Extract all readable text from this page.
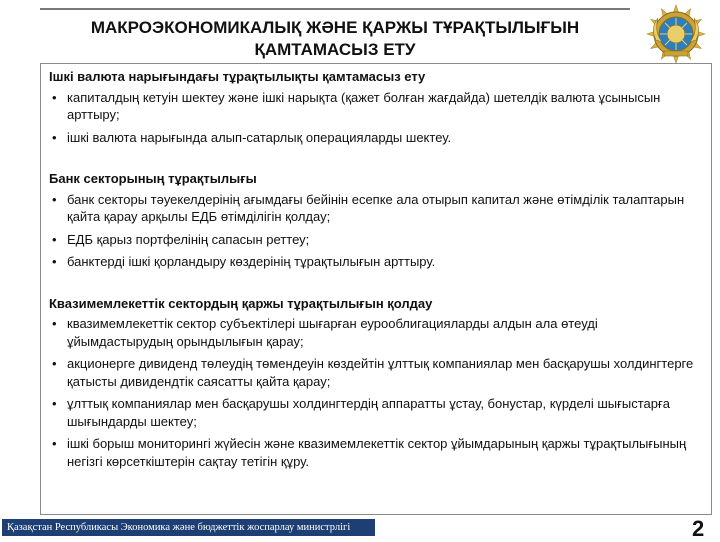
МАКРОЭКОНОМИКАЛЫҚ ЖӘНЕ ҚАРЖЫ ТҰРАҚТЫЛЫҒЫН
ҚАМТАМАСЫЗ ЕТУ
Ішкі валюта нарығындағы тұрақтылықты қамтамасыз ету
• капиталдың кетуін шектеу және ішкі нарықта (қажет болған жағдайда) шетелдік валюта ұсынысын арттыру;
• ішкі валюта нарығында алып-сатарлық операцияларды шектеу.
Банк секторының тұрақтылығы
• банк секторы тәуекелдерінің ағымдағы бейінін есепке ала отырып капитал және өтімділік талаптарын қайта қарау арқылы ЕДБ өтімділігін қолдау;
• ЕДБ қарыз портфелінің сапасын реттеу;
• банктерді ішкі қорландыру көздерінің тұрақтылығын арттыру.
Квазимемлекеттік сектордың қаржы тұрақтылығын қолдау
• квазимемлекеттік сектор субъектілері шығарған еурооблигацияларды алдын ала өтеуді ұйымдастырудың орындылығын қарау;
• акционерге дивиденд төлеудің төмендеуін көздейтін ұлттық компаниялар мен басқарушы холдингтерге қатысты дивидендтік саясатты қайта қарау;
• ұлттық компаниялар мен басқарушы холдингтердің аппаратты ұстау, бонустар, күрделі шығыстарға шығындарды шектеу;
• ішкі борыш мониторингі жүйесін және квазимемлекеттік сектор ұйымдарының қаржы тұрақтылығының негізгі көрсеткіштерін сақтау тетігін құру.
Қазақстан Республикасы Экономика және бюджеттік жоспарлау министрлігі	2
